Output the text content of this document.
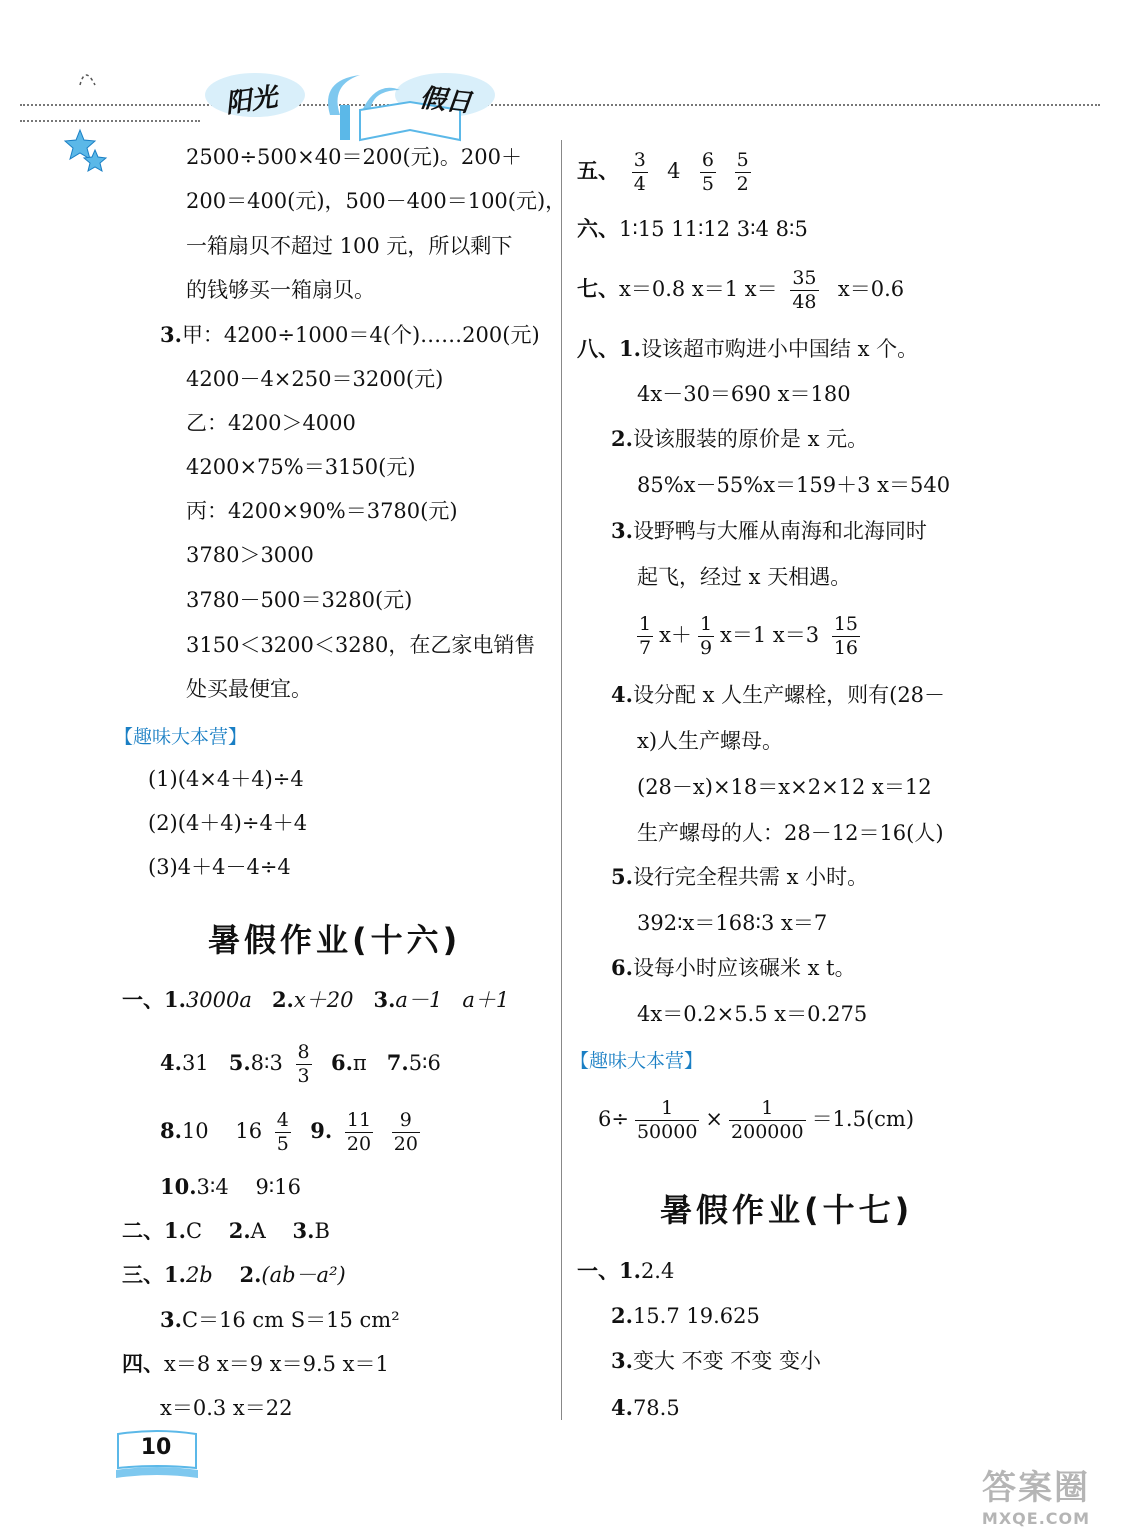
阳光	假日
2500÷500×40＝200(元)。200＋
200＝400(元)，500－400＝100(元)，
一箱扇贝不超过 100 元，所以剩下
的钱够买一箱扇贝。
3.甲：4200÷1000＝4(个)……200(元)
4200－4×250＝3200(元)
乙：4200＞4000
4200×75%＝3150(元)
丙：4200×90%＝3780(元)
3780＞3000
3780－500＝3280(元)
3150＜3200＜3280，在乙家电销售
处买最便宜。
【趣味大本营】
(1)(4×4＋4)÷4
(2)(4＋4)÷4＋4
(3)4＋4－4÷4
暑假作业(十六)
一、1.3000a 2.x＋20 3.a－1 a＋1
4.31 5.8∶3 $\frac{8}{3} 6.\pi$ 7.5∶6
8.10 $16 \frac{4}{5} 9$. $\frac{11}{20}$
$\frac{9}{20}$
10.3∶4 9∶16
二、1.C 2.A 3.B
三、1.2b 2.(ab－a²)
3.C＝16 cm S＝15 cm²
四、x＝8 x＝9 x＝9.5 x＝1
x＝0.3 x＝22
五、 $\frac{3}{4} 4 \frac{6}{5}$
$\frac{5}{2}$
六、1∶15 11∶12 3∶4 8∶5
七、x＝0.8 x＝1 $x= \frac{35}{48} x=0.6$
八、1.设该超市购进小中国结 x 个。
4x－30＝690 x＝180
2.设该服装的原价是 x 元。
85%x－55%x＝159＋3 x＝540
3.设野鸭与大雁从南海和北海同时
起飞，经过 x 天相遇。
$\frac{1}{7} x+ \frac{1}{9} x=1$ $x=3 \frac{15}{16}$
4.设分配 x 人生产螺栓，则有(28－
x)人生产螺母。
(28－x)×18＝x×2×12 x＝12
生产螺母的人：28－12＝16(人)
5.设行完全程共需 x 小时。
392∶x＝168∶3 x＝7
6.设每小时应该碾米 x t。
4x＝0.2×5.5 x＝0.275
【趣味大本营】
$6\div \frac{1}{50000} \times \frac{1}{200000} =1.5(cm)$
暑假作业(十七)
一、1.2.4
2.15.7 19.625
3.变大 不变 不变 变小
4.78.5
10
答案圈
MXQE.COM
